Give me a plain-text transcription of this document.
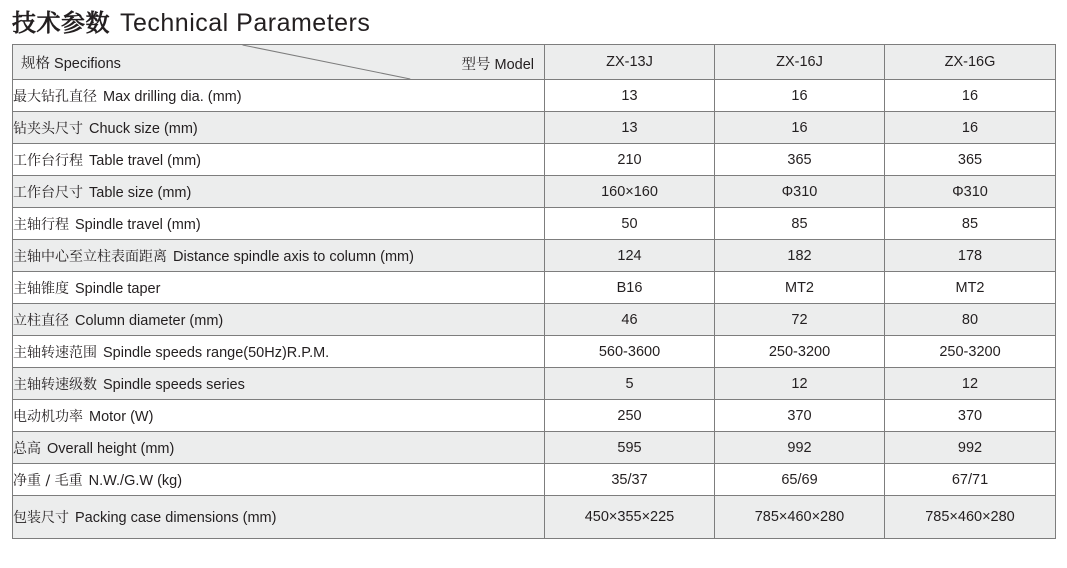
技术参数 Technical Parameters
规格 Specifions 型号 Model	ZX-13J	ZX-16J	ZX-16G
最大钻孔直径 Max drilling dia. (mm)	13	16	16
钻夹头尺寸 Chuck size (mm)	13	16	16
工作台行程 Table travel (mm)	210	365	365
工作台尺寸 Table size (mm)	160×160	Φ310	Φ310
主轴行程 Spindle travel (mm)	50	85	85
主轴中心至立柱表面距离 Distance spindle axis to column (mm)	124	182	178
主轴锥度 Spindle taper	B16	MT2	MT2
立柱直径 Column diameter (mm)	46	72	80
主轴转速范围 Spindle speeds range(50Hz)R.P.M.	560-3600	250-3200	250-3200
主轴转速级数 Spindle speeds series	5	12	12
电动机功率 Motor (W)	250	370	370
总高 Overall height (mm)	595	992	992
净重 / 毛重 N.W./G.W (kg)	35/37	65/69	67/71
包装尺寸 Packing case dimensions (mm)	450×355×225	785×460×280	785×460×280
